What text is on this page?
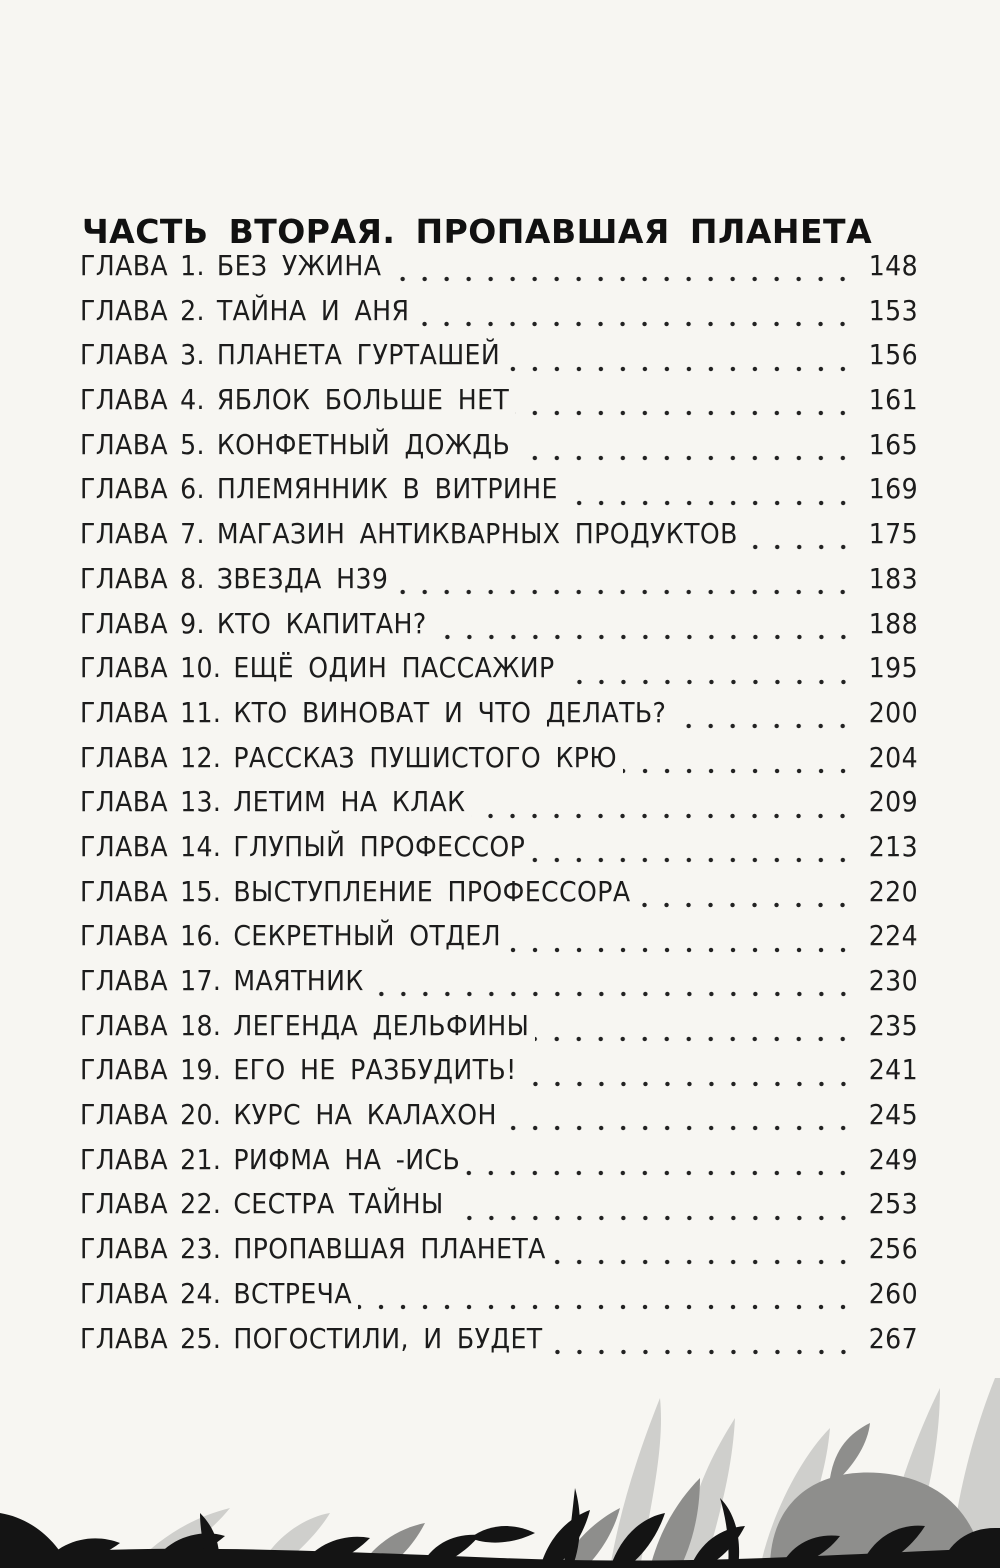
ЧАСТЬ ВТОРАЯ. ПРОПАВШАЯ ПЛАНЕТА
ГЛАВА 1. БЕЗ УЖИНА	148
ГЛАВА 2. ТАЙНА И АНЯ	153
ГЛАВА 3. ПЛАНЕТА ГУРТАШЕЙ	156
ГЛАВА 4. ЯБЛОК БОЛЬШЕ НЕТ	161
ГЛАВА 5. КОНФЕТНЫЙ ДОЖДЬ	165
ГЛАВА 6. ПЛЕМЯННИК В ВИТРИНЕ	169
ГЛАВА 7. МАГАЗИН АНТИКВАРНЫХ ПРОДУКТОВ	175
ГЛАВА 8. ЗВЕЗДА Н39	183
ГЛАВА 9. КТО КАПИТАН?	188
ГЛАВА 10. ЕЩЁ ОДИН ПАССАЖИР	195
ГЛАВА 11. КТО ВИНОВАТ И ЧТО ДЕЛАТЬ?	200
ГЛАВА 12. РАССКАЗ ПУШИСТОГО КРЮ	204
ГЛАВА 13. ЛЕТИМ НА КЛАК	209
ГЛАВА 14. ГЛУПЫЙ ПРОФЕССОР	213
ГЛАВА 15. ВЫСТУПЛЕНИЕ ПРОФЕССОРА	220
ГЛАВА 16. СЕКРЕТНЫЙ ОТДЕЛ	224
ГЛАВА 17. МАЯТНИК	230
ГЛАВА 18. ЛЕГЕНДА ДЕЛЬФИНЫ	235
ГЛАВА 19. ЕГО НЕ РАЗБУДИТЬ!	241
ГЛАВА 20. КУРС НА КАЛАХОН	245
ГЛАВА 21. РИФМА НА -ИСЬ	249
ГЛАВА 22. СЕСТРА ТАЙНЫ	253
ГЛАВА 23. ПРОПАВШАЯ ПЛАНЕТА	256
ГЛАВА 24. ВСТРЕЧА	260
ГЛАВА 25. ПОГОСТИЛИ, И БУДЕТ	267
